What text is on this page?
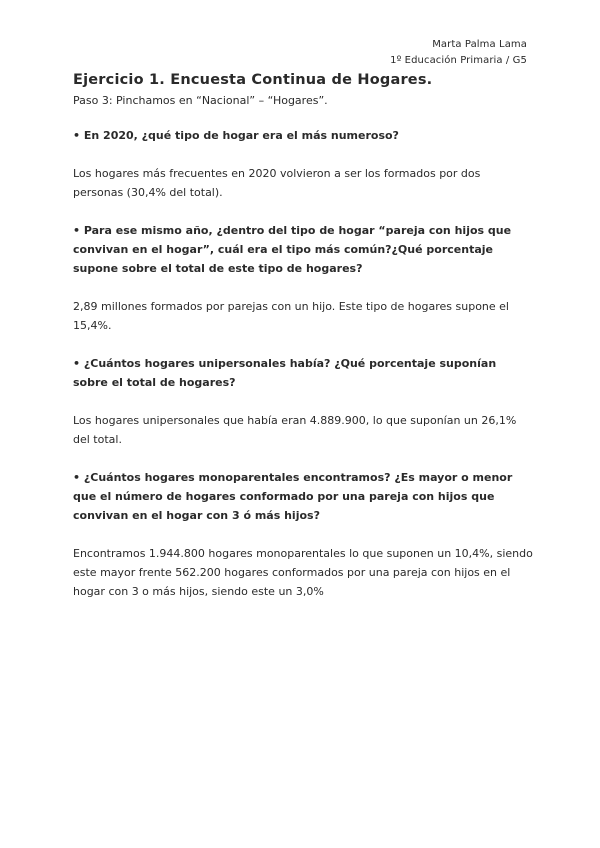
Marta Palma Lama
1º Educación Primaria / G5
Ejercicio 1. Encuesta Continua de Hogares.

Paso 3: Pinchamos en “Nacional” – “Hogares”.

• En 2020, ¿qué tipo de hogar era el más numeroso?

Los hogares más frecuentes en 2020 volvieron a ser los formados por dos personas (30,4% del total).

• Para ese mismo año, ¿dentro del tipo de hogar “pareja con hijos que convivan en el hogar”, cuál era el tipo más común?¿Qué porcentaje supone sobre el total de este tipo de hogares?

2,89 millones formados por parejas con un hijo. Este tipo de hogares supone el 15,4%.

• ¿Cuántos hogares unipersonales había? ¿Qué porcentaje suponían sobre el total de hogares?

Los hogares unipersonales que había eran 4.889.900, lo que suponían un 26,1% del total.

• ¿Cuántos hogares monoparentales encontramos? ¿Es mayor o menor que el número de hogares conformado por una pareja con hijos que convivan en el hogar con 3 ó más hijos?

Encontramos 1.944.800 hogares monoparentales lo que suponen un 10,4%, siendo este mayor frente 562.200 hogares conformados por una pareja con hijos en el hogar con 3 o más hijos, siendo este un 3,0%
